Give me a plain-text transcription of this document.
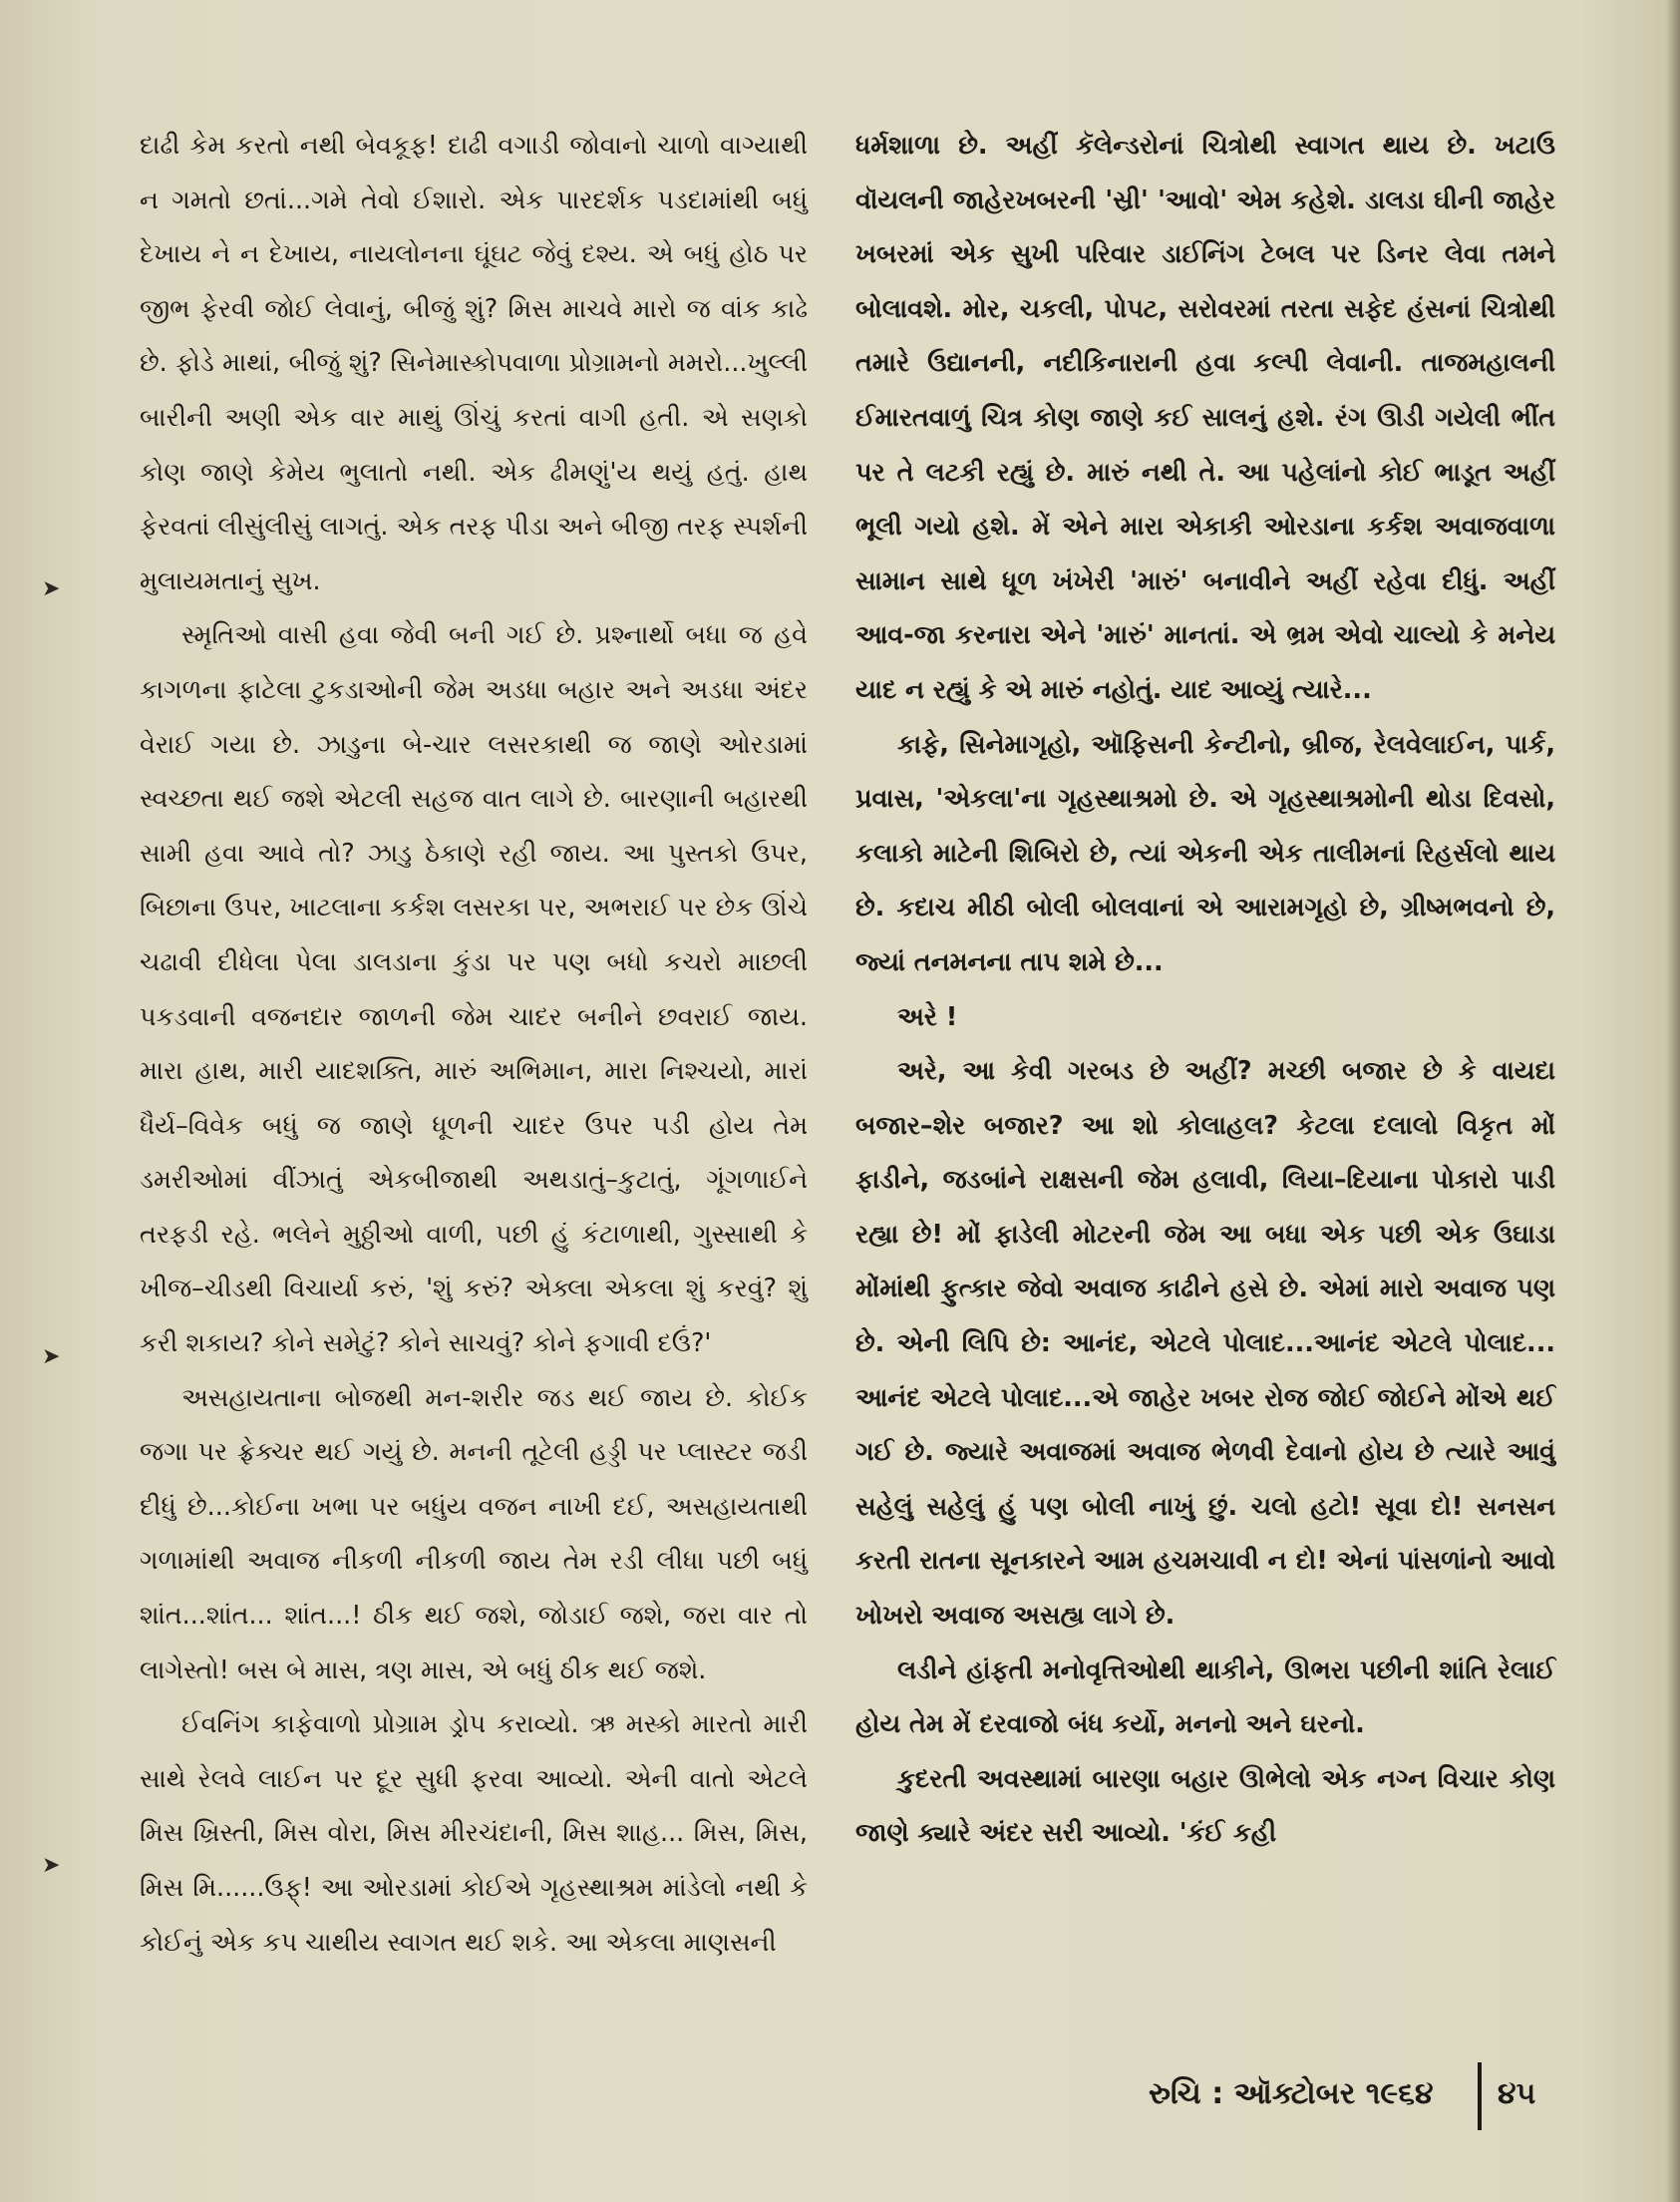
➤
➤
➤

દાઢી કેમ કરતો નથી બેવકૂફ! દાઢી વગાડી જોવાનો ચાળો વાગ્યાથી ન ગમતો છતાં...ગમે તેવો ઈશારો. એક પારદર્શક પડદામાંથી બધું દેખાય ને ન દેખાય, નાયલોનના ઘૂંઘટ જેવું દશ્ય. એ બધું હોઠ પર જીભ ફેરવી જોઈ લેવાનું, બીજું શું? મિસ માચવે મારો જ વાંક કાઢે છે. ફોડે માથાં, બીજું શું? સિનેમાસ્કોપવાળા પ્રોગ્રામનો મમરો...ખુલ્લી બારીની અણી એક વાર માથું ઊંચું કરતાં વાગી હતી. એ સણકો કોણ જાણે કેમેય ભુલાતો નથી. એક ઢીમણું'ય થયું હતું. હાથ ફેરવતાં લીસુંલીસું લાગતું. એક તરફ પીડા અને બીજી તરફ સ્પર્શની મુલાયમતાનું સુખ.

સ્મૃતિઓ વાસી હવા જેવી બની ગઈ છે. પ્રશ્નાર્થો બધા જ હવે કાગળના ફાટેલા ટુકડાઓની જેમ અડધા બહાર અને અડધા અંદર વેરાઈ ગયા છે. ઝાડુના બે-ચાર લસરકાથી જ જાણે ઓરડામાં સ્વચ્છતા થઈ જશે એટલી સહજ વાત લાગે છે. બારણાની બહારથી સામી હવા આવે તો? ઝાડુ ઠેકાણે રહી જાય. આ પુસ્તકો ઉપર, બિછાના ઉપર, ખાટલાના કર્કશ લસરકા પર, અભરાઈ પર છેક ઊંચે ચઢાવી દીધેલા પેલા ડાલડાના કુંડા પર પણ બધો કચરો માછલી પકડવાની વજનદાર જાળની જેમ ચાદર બનીને છવરાઈ જાય. મારા હાથ, મારી યાદશક્તિ, મારું અભિમાન, મારા નિશ્ચયો, મારાં ધૈર્ય–વિવેક બધું જ જાણે ધૂળની ચાદર ઉપર પડી હોય તેમ ડમરીઓમાં વીંઝાતું એકબીજાથી અથડાતું–કુટાતું, ગૂંગળાઈને તરફડી રહે. ભલેને મુઠ્ઠીઓ વાળી, પછી હું કંટાળાથી, ગુસ્સાથી કે ખીજ–ચીડથી વિચાર્યા કરું, 'શું કરું? એક્લા એકલા શું કરવું? શું કરી શકાય? કોને સમેટું? કોને સાચવું? કોને ફગાવી દઉં?'

અસહાયતાના બોજથી મન-શરીર જડ થઈ જાય છે. કોઈક જગા પર ફ્રેક્ચર થઈ ગયું છે. મનની તૂટેલી હડ્ડી પર પ્લાસ્ટર જડી દીધું છે...કોઈના ખભા પર બધુંય વજન નાખી દઈ, અસહાયતાથી ગળામાંથી અવાજ નીકળી નીકળી જાય તેમ રડી લીધા પછી બધું શાંત...શાંત... શાંત...! ઠીક થઈ જશે, જોડાઈ જશે, જરા વાર તો લાગેસ્તો! બસ બે માસ, ત્રણ માસ, એ બધું ઠીક થઈ જશે.

ઈવનિંગ કાફેવાળો પ્રોગ્રામ ડ્રોપ કરાવ્યો. ઋ મસ્કો મારતો મારી સાથે રેલવે લાઈન પર દૂર સુધી ફરવા આવ્યો. એની વાતો એટલે મિસ ખ્રિસ્તી, મિસ વોરા, મિસ મીરચંદાની, મિસ શાહ... મિસ, મિસ, મિસ મિ......ઉફ્! આ ઓરડામાં કોઈએ ગૃહસ્થાશ્રમ માંડેલો નથી કે કોઈનું એક કપ ચાથીય સ્વાગત થઈ શકે. આ એકલા માણસની

ધર્મશાળા છે. અહીં કૅલેન્ડરોનાં ચિત્રોથી સ્વાગત થાય છે. ખટાઉ વૉયલની જાહેરખબરની 'સ્રી' 'આવો' એમ કહેશે. ડાલડા ઘીની જાહેર ખબરમાં એક સુખી પરિવાર ડાઈનિંગ ટેબલ પર ડિનર લેવા તમને બોલાવશે. મોર, ચકલી, પોપટ, સરોવરમાં તરતા સફેદ હંસનાં ચિત્રોથી તમારે ઉદ્યાનની, નદીકિનારાની હવા કલ્પી લેવાની. તાજમહાલની ઈમારતવાળું ચિત્ર કોણ જાણે કઈ સાલનું હશે. રંગ ઊડી ગયેલી ભીંત પર તે લટકી રહ્યું છે. મારું નથી તે. આ પહેલાંનો કોઈ ભાડૂત અહીં ભૂલી ગયો હશે. મેં એને મારા એકાકી ઓરડાના કર્કશ અવાજવાળા સામાન સાથે ધૂળ ખંખેરી 'મારું' બનાવીને અહીં રહેવા દીધું. અહીં આવ-જા કરનારા એને 'મારું' માનતાં. એ ભ્રમ એવો ચાલ્યો કે મનેય યાદ ન રહ્યું કે એ મારું નહોતું. યાદ આવ્યું ત્યારે...

કાફે, સિનેમાગૃહો, ઑફિસની કેન્ટીનો, બ્રીજ, રેલવેલાઈન, પાર્ક, પ્રવાસ, 'એકલા'ના ગૃહસ્થાશ્રમો છે. એ ગૃહસ્થાશ્રમોની થોડા દિવસો, કલાકો માટેની શિબિરો છે, ત્યાં એકની એક તાલીમનાં રિહર્સલો થાય છે. કદાચ મીઠી બોલી બોલવાનાં એ આરામગૃહો છે, ગ્રીષ્મભવનો છે, જ્યાં તનમનના તાપ શમે છે...

અરે !

અરે, આ કેવી ગરબડ છે અહીં? મચ્છી બજાર છે કે વાયદા બજાર–શેર બજાર? આ શો કોલાહલ? કેટલા દલાલો વિકૃત મોં ફાડીને, જડબાંને રાક્ષસની જેમ હલાવી, લિયા–દિયાના પોકારો પાડી રહ્યા છે! મોં ફાડેલી મોટરની જેમ આ બધા એક પછી એક ઉઘાડા મોંમાંથી ફુત્કાર જેવો અવાજ કાઢીને હસે છે. એમાં મારો અવાજ પણ છે. એની લિપિ છે: આનંદ, એટલે પોલાદ...આનંદ એટલે પોલાદ... આનંદ એટલે પોલાદ...એ જાહેર ખબર રોજ જોઈ જોઈને મોંએ થઈ ગઈ છે. જ્યારે અવાજમાં અવાજ ભેળવી દેવાનો હોય છે ત્યારે આવું સહેલું સહેલું હું પણ બોલી નાખું છું. ચલો હટો! સૂવા દો! સનસન કરતી રાતના સૂનકારને આમ હચમચાવી ન દો! એનાં પાંસળાંનો આવો ખોખરો અવાજ અસહ્ય લાગે છે.

લડીને હાંફતી મનોવૃત્તિઓથી થાકીને, ઊભરા પછીની શાંતિ રેલાઈ હોય તેમ મેં દરવાજો બંધ કર્યો, મનનો અને ઘરનો.

કુદરતી અવસ્થામાં બારણા બહાર ઊભેલો એક નગ્ન વિચાર કોણ જાણે ક્યારે અંદર સરી આવ્યો. 'કંઈ કહી

રુચિ : ઑક્ટોબર ૧૯૬૪ ૪૫
